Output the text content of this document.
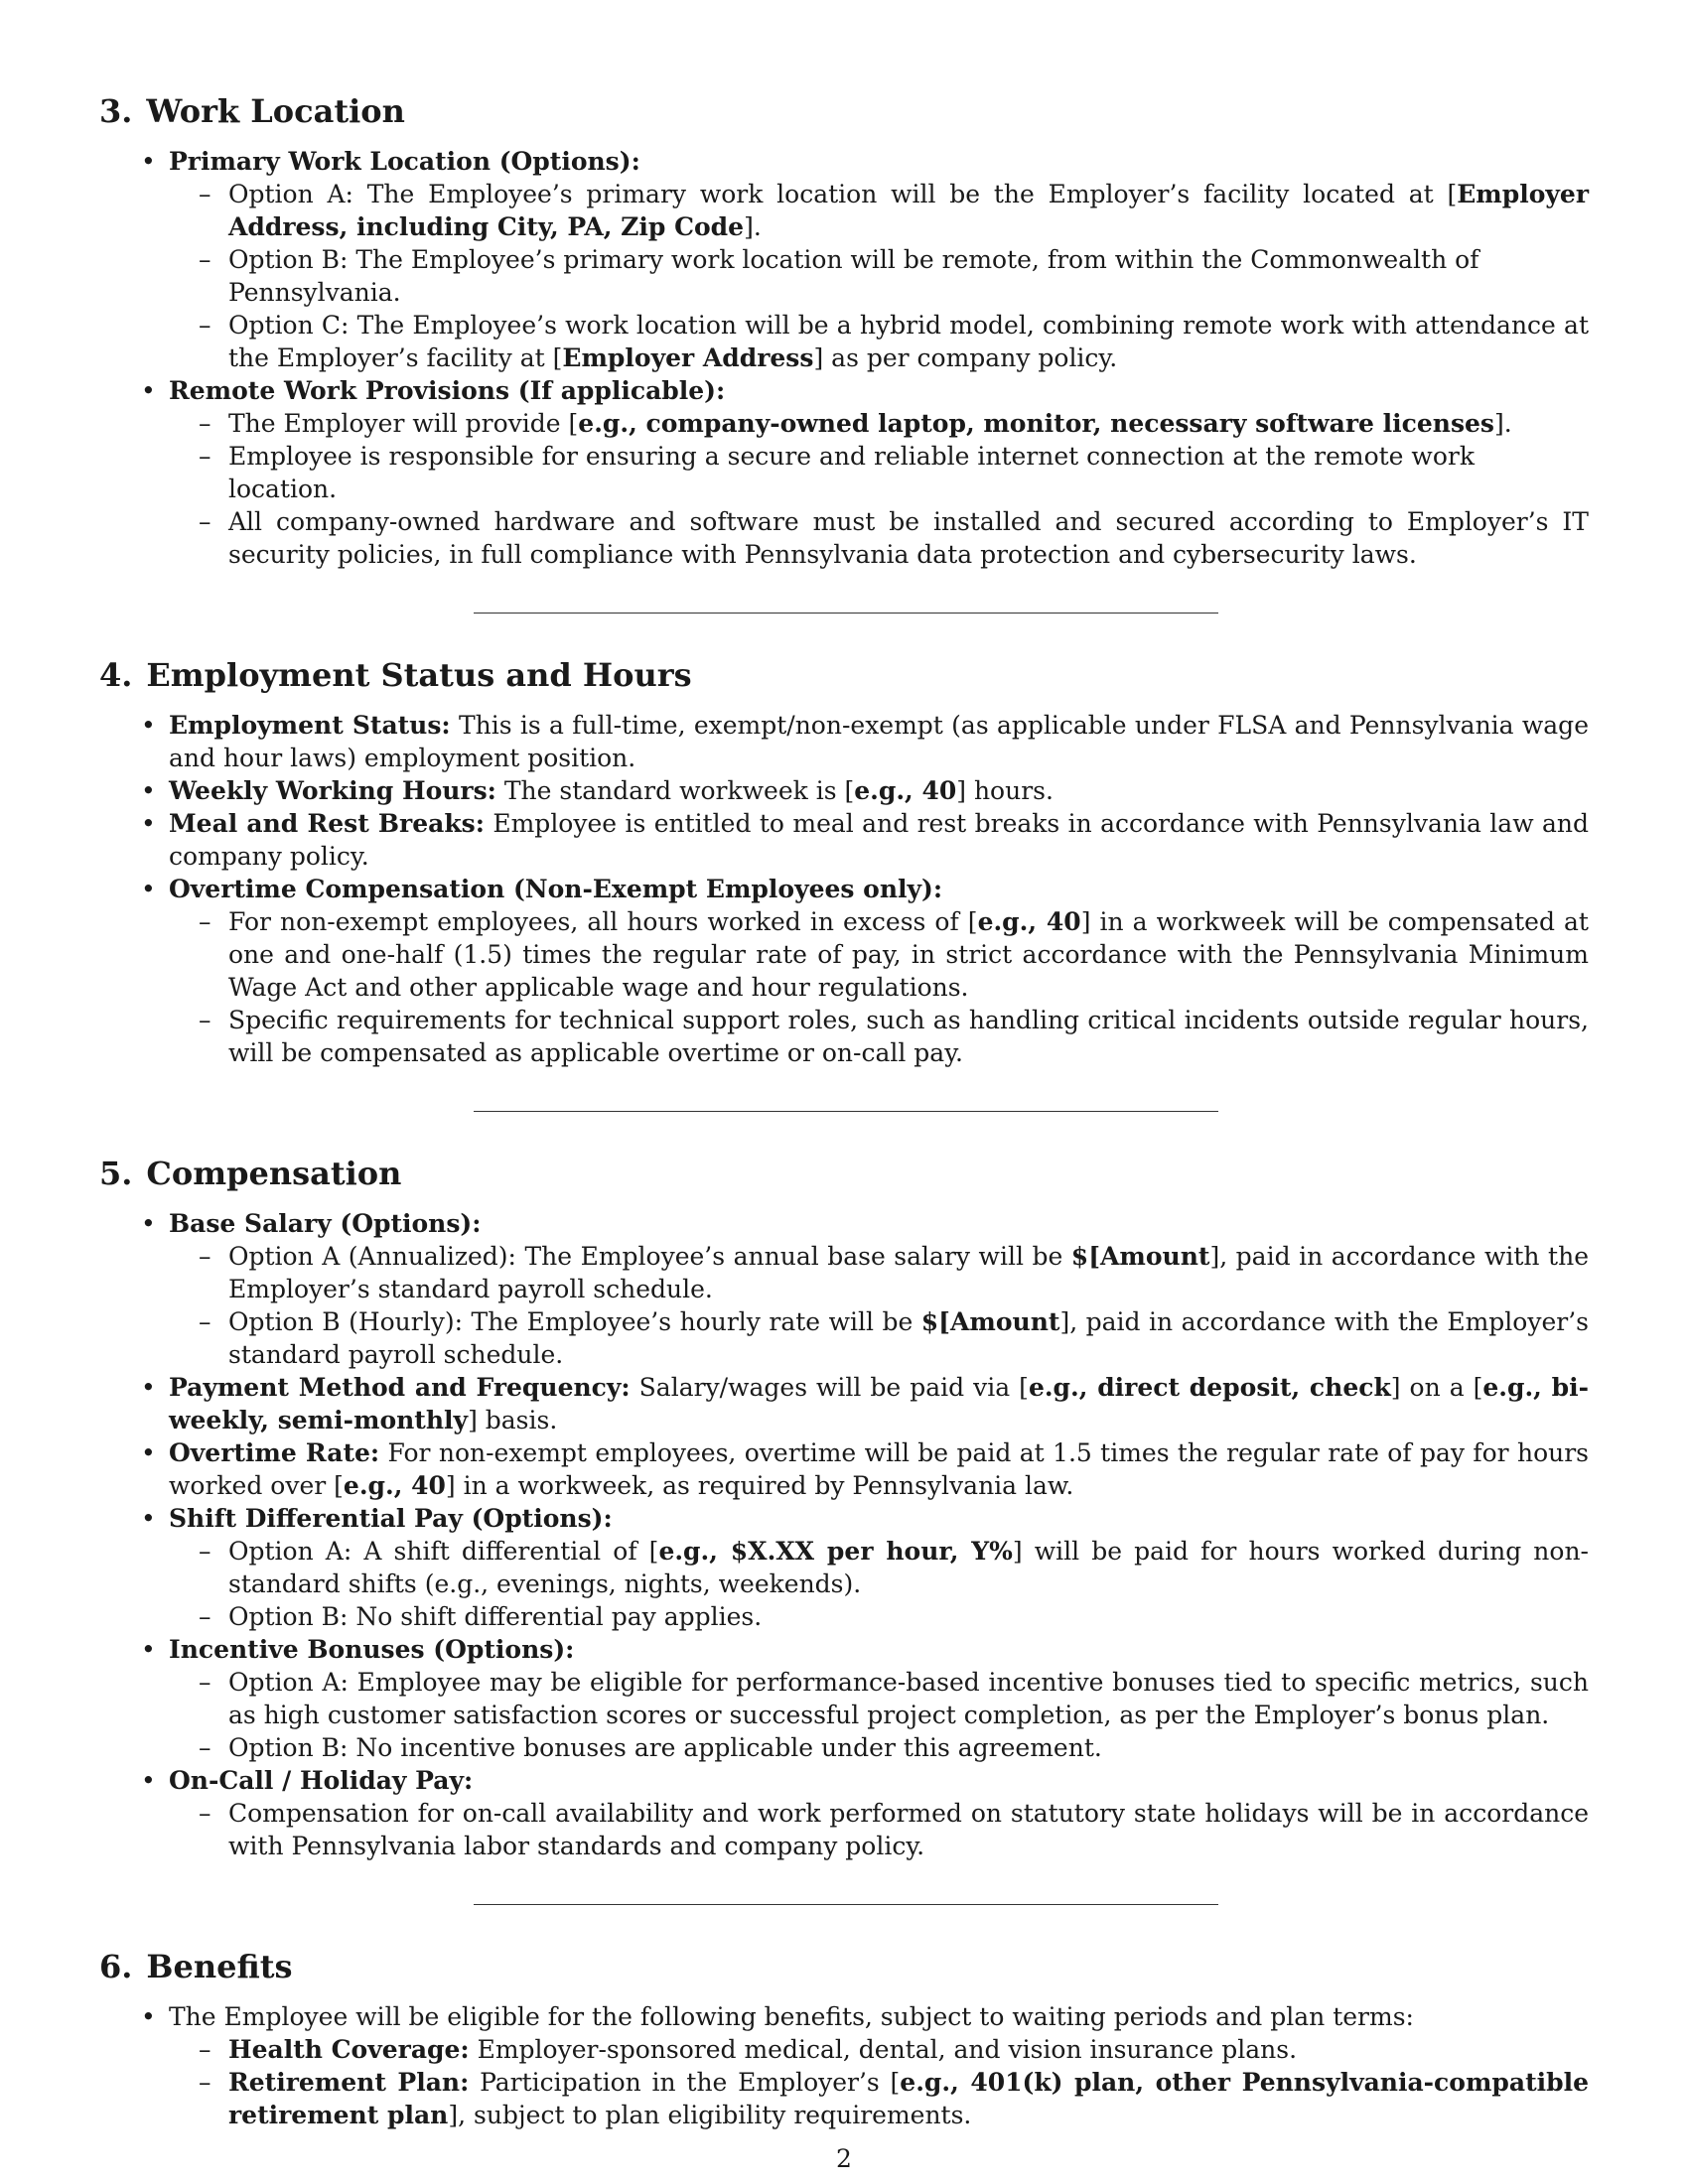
3. Work Location
• Primary Work Location (Options):
– Option A: The Employee’s primary work location will be the Employer’s facility located at [Employer Address, including City, PA, Zip Code].
– Option B: The Employee’s primary work location will be remote, from within the Commonwealth of Pennsylvania.
– Option C: The Employee’s work location will be a hybrid model, combining remote work with attendance at the Employer’s facility at [Employer Address] as per company policy.
• Remote Work Provisions (If applicable):
– The Employer will provide [e.g., company-owned laptop, monitor, necessary software licenses].
– Employee is responsible for ensuring a secure and reliable internet connection at the remote work location.
– All company-owned hardware and software must be installed and secured according to Employer’s IT security policies, in full compliance with Pennsylvania data protection and cybersecurity laws.
4. Employment Status and Hours
• Employment Status: This is a full-time, exempt/non-exempt (as applicable under FLSA and Pennsylvania wage and hour laws) employment position.
• Weekly Working Hours: The standard workweek is [e.g., 40] hours.
• Meal and Rest Breaks: Employee is entitled to meal and rest breaks in accordance with Pennsylvania law and company policy.
• Overtime Compensation (Non-Exempt Employees only):
– For non-exempt employees, all hours worked in excess of [e.g., 40] in a workweek will be compensated at one and one-half (1.5) times the regular rate of pay, in strict accordance with the Pennsylvania Minimum Wage Act and other applicable wage and hour regulations.
– Specific requirements for technical support roles, such as handling critical incidents outside regular hours, will be compensated as applicable overtime or on-call pay.
5. Compensation
• Base Salary (Options):
– Option A (Annualized): The Employee’s annual base salary will be $[Amount], paid in accordance with the Employer’s standard payroll schedule.
– Option B (Hourly): The Employee’s hourly rate will be $[Amount], paid in accordance with the Employer’s standard payroll schedule.
• Payment Method and Frequency: Salary/wages will be paid via [e.g., direct deposit, check] on a [e.g., bi-weekly, semi-monthly] basis.
• Overtime Rate: For non-exempt employees, overtime will be paid at 1.5 times the regular rate of pay for hours worked over [e.g., 40] in a workweek, as required by Pennsylvania law.
• Shift Differential Pay (Options):
– Option A: A shift differential of [e.g., $X.XX per hour, Y%] will be paid for hours worked during non-standard shifts (e.g., evenings, nights, weekends).
– Option B: No shift differential pay applies.
• Incentive Bonuses (Options):
– Option A: Employee may be eligible for performance-based incentive bonuses tied to specific metrics, such as high customer satisfaction scores or successful project completion, as per the Employer’s bonus plan.
– Option B: No incentive bonuses are applicable under this agreement.
• On-Call / Holiday Pay:
– Compensation for on-call availability and work performed on statutory state holidays will be in accordance with Pennsylvania labor standards and company policy.
6. Benefits
• The Employee will be eligible for the following benefits, subject to waiting periods and plan terms:
– Health Coverage: Employer-sponsored medical, dental, and vision insurance plans.
– Retirement Plan: Participation in the Employer’s [e.g., 401(k) plan, other Pennsylvania-compatible retirement plan], subject to plan eligibility requirements.
2
